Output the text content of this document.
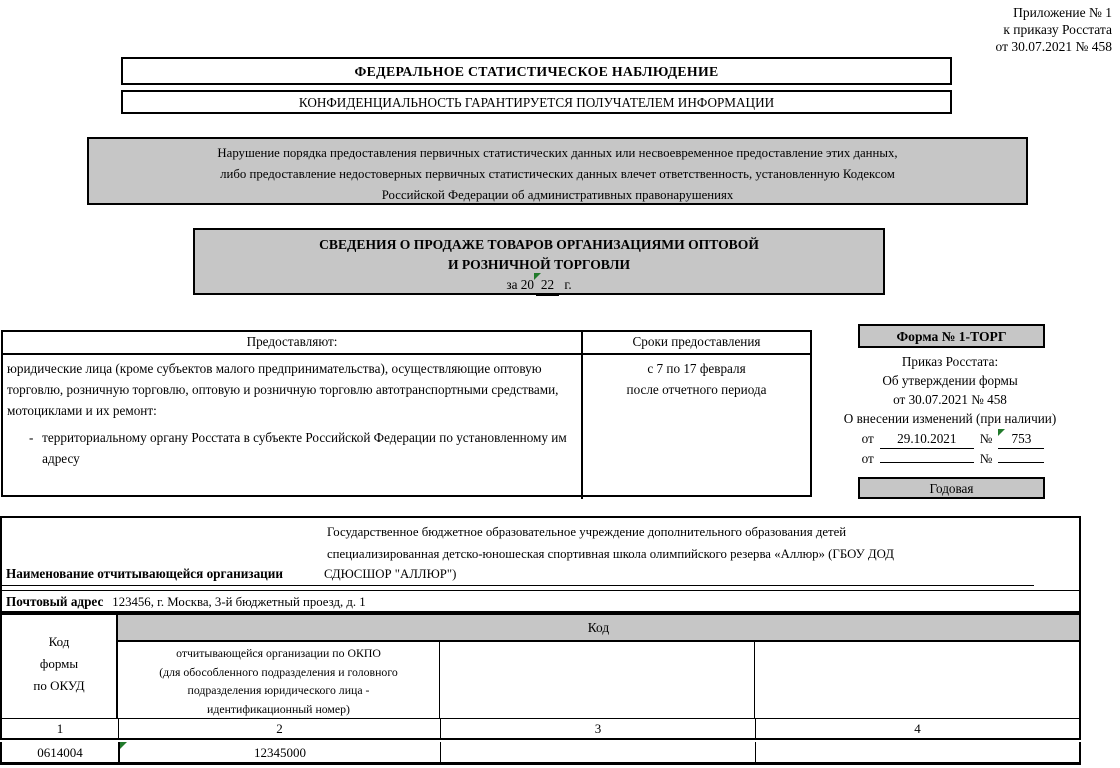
Приложение № 1
к приказу Росстата
от 30.07.2021 № 458
ФЕДЕРАЛЬНОЕ СТАТИСТИЧЕСКОЕ НАБЛЮДЕНИЕ
КОНФИДЕНЦИАЛЬНОСТЬ ГАРАНТИРУЕТСЯ ПОЛУЧАТЕЛЕМ ИНФОРМАЦИИ
Нарушение порядка предоставления первичных статистических данных или несвоевременное предоставление этих данных,
либо предоставление недостоверных первичных статистических данных влечет ответственность, установленную Кодексом
Российской Федерации об административных правонарушениях
СВЕДЕНИЯ О ПРОДАЖЕ ТОВАРОВ ОРГАНИЗАЦИЯМИ ОПТОВОЙ
И РОЗНИЧНОЙ ТОРГОВЛИ
за 20 22 г.
Предоставляют:	Сроки предоставления
юридические лица (кроме субъектов малого предпринимательства), осуществляющие оптовую торговлю, розничную торговлю, оптовую и розничную торговлю автотранспортными средствами, мотоциклами и их ремонт:
- территориальному органу Росстата в субъекте Российской Федерации по установленному им адресу
с 7 по 17 февраля
после отчетного периода
Форма № 1-ТОРГ
Приказ Росстата:
Об утверждении формы
от 30.07.2021 № 458
О внесении изменений (при наличии)
от	29.10.2021	№	753
от	№
Годовая
Государственное бюджетное образовательное учреждение дополнительного образования детей
специализированная детско-юношеская спортивная школа олимпийского резерва «Аллюр» (ГБОУ ДОД
Наименование отчитывающейся организации	СДЮСШОР "АЛЛЮР")
Почтовый адрес 123456, г. Москва, 3-й бюджетный проезд, д. 1
Код
формы
по ОКУД
Код
отчитывающейся организации по ОКПО
(для обособленного подразделения и головного
подразделения юридического лица -
идентификационный номер)
1	2	3	4
0614004	12345000
